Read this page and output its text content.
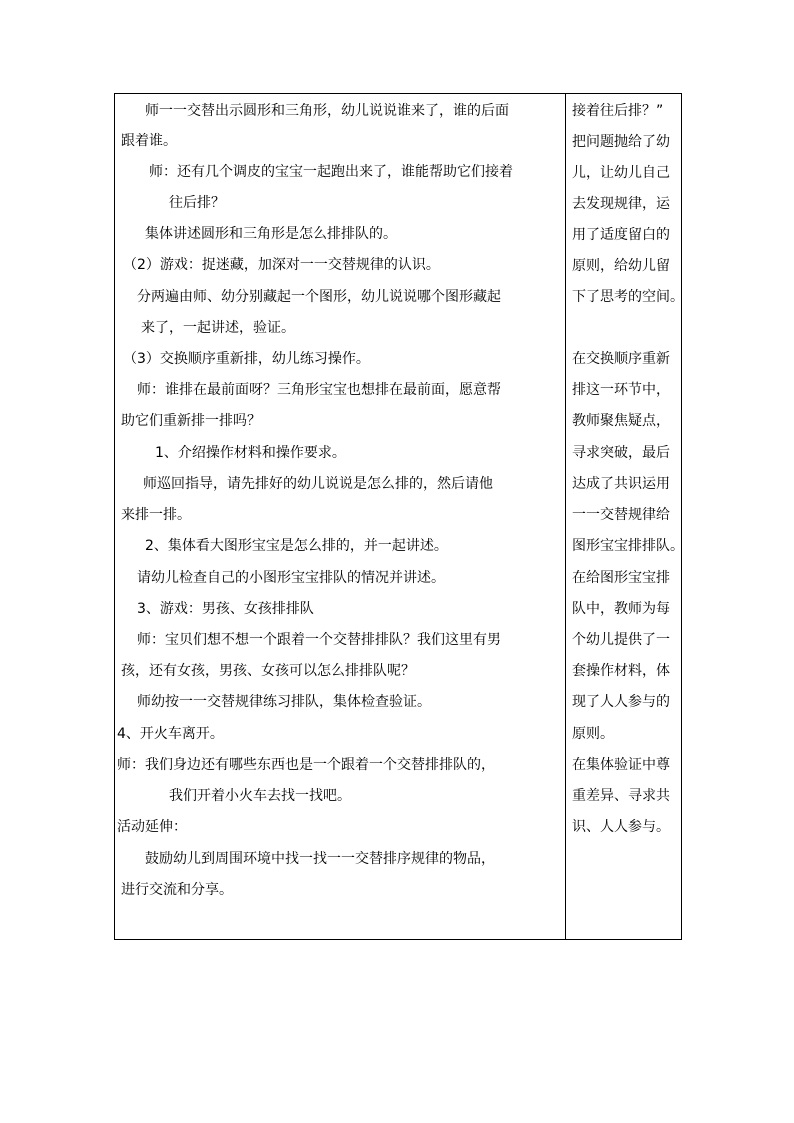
师一一交替出示圆形和三角形，幼儿说说谁来了，谁的后面
跟着谁。
师：还有几个调皮的宝宝一起跑出来了，谁能帮助它们接着
往后排？
集体讲述圆形和三角形是怎么排排队的。
（2）游戏：捉迷藏，加深对一一交替规律的认识。
分两遍由师、幼分别藏起一个图形，幼儿说说哪个图形藏起
来了，一起讲述，验证。
（3）交换顺序重新排，幼儿练习操作。
师：谁排在最前面呀？三角形宝宝也想排在最前面，愿意帮
助它们重新排一排吗？
1、介绍操作材料和操作要求。
师巡回指导，请先排好的幼儿说说是怎么排的，然后请他
来排一排。
2、集体看大图形宝宝是怎么排的，并一起讲述。
请幼儿检查自己的小图形宝宝排队的情况并讲述。
3、游戏：男孩、女孩排排队
师：宝贝们想不想一个跟着一个交替排排队？我们这里有男
孩，还有女孩，男孩、女孩可以怎么排排队呢？
师幼按一一交替规律练习排队，集体检查验证。
4、开火车离开。
师：我们身边还有哪些东西也是一个跟着一个交替排排队的，
我们开着小火车去找一找吧。
活动延伸：
鼓励幼儿到周围环境中找一找一一交替排序规律的物品，
进行交流和分享。
接着往后排？”
把问题抛给了幼
儿，让幼儿自己
去发现规律，运
用了适度留白的
原则，给幼儿留
下了思考的空间。
在交换顺序重新
排这一环节中，
教师聚焦疑点，
寻求突破，最后
达成了共识运用
一一交替规律给
图形宝宝排排队。
在给图形宝宝排
队中，教师为每
个幼儿提供了一
套操作材料，体
现了人人参与的
原则。
在集体验证中尊
重差异、寻求共
识、人人参与。
